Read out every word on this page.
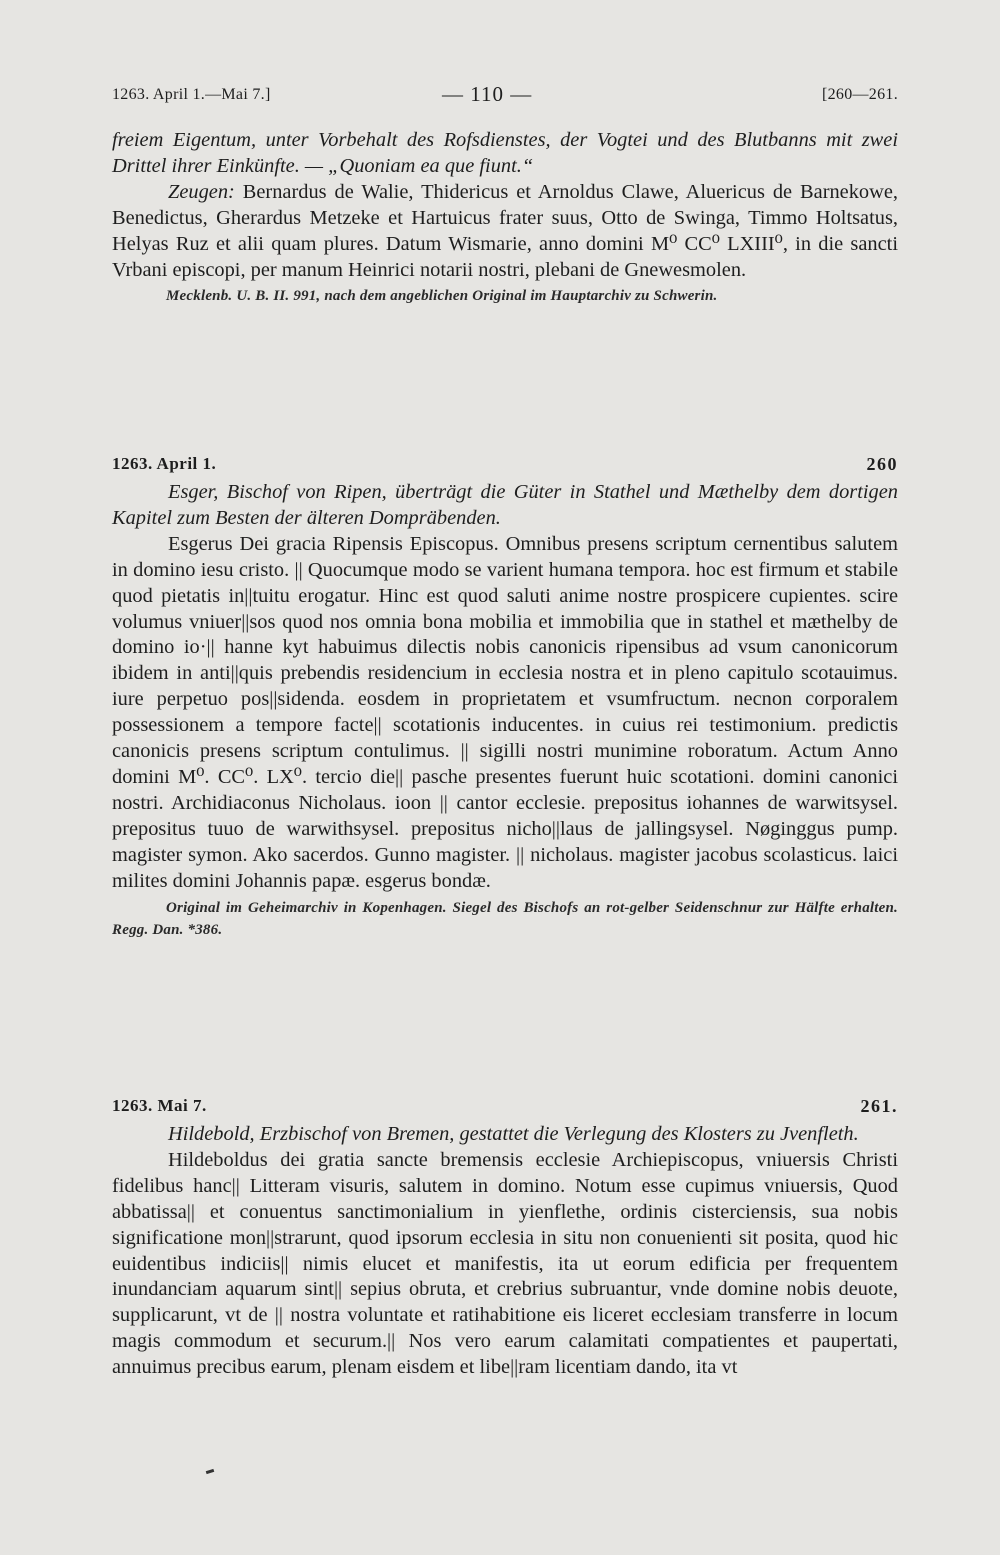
1263. April 1.—Mai 7.]	— 110 —	[260—261.

freiem Eigentum, unter Vorbehalt des Rofsdienstes, der Vogtei und des Blutbanns mit zwei Drittel ihrer Einkünfte. — „Quoniam ea que fiunt.“

Zeugen: Bernardus de Walie, Thidericus et Arnoldus Clawe, Aluericus de Barnekowe, Benedictus, Gherardus Metzeke et Hartuicus frater suus, Otto de Swinga, Timmo Holtsatus, Helyas Ruz et alii quam plures. Datum Wismarie, anno domini M⁰ CC⁰ LXIII⁰, in die sancti Vrbani episcopi, per manum Heinrici notarii nostri, plebani de Gnewesmolen.

Mecklenb. U. B. II. 991, nach dem angeblichen Original im Hauptarchiv zu Schwerin.

1263. April 1.	260

Esger, Bischof von Ripen, überträgt die Güter in Stathel und Mæthelby dem dortigen Kapitel zum Besten der älteren Dompräbenden.

Esgerus Dei gracia Ripensis Episcopus. Omnibus presens scriptum cernentibus salutem in domino iesu cristo. || Quocumque modo se varient humana tempora. hoc est firmum et stabile quod pietatis in||tuitu erogatur. Hinc est quod saluti anime nostre prospicere cupientes. scire volumus vniuer||sos quod nos omnia bona mobilia et immobilia que in stathel et mæthelby de domino io·|| hanne kyt habuimus dilectis nobis canonicis ripensibus ad vsum canonicorum ibidem in anti||quis prebendis residencium in ecclesia nostra et in pleno capitulo scotauimus. iure perpetuo pos||sidenda. eosdem in proprietatem et vsumfructum. necnon corporalem possessionem a tempore facte|| scotationis inducentes. in cuius rei testimonium. predictis canonicis presens scriptum contulimus. || sigilli nostri munimine roboratum. Actum Anno domini M⁰. CC⁰. LX⁰. tercio die|| pasche presentes fuerunt huic scotationi. domini canonici nostri. Archidiaconus Nicholaus. ioon || cantor ecclesie. prepositus iohannes de warwitsysel. prepositus tuuo de warwithsysel. prepositus nicho||laus de jallingsysel. Nøginggus pump. magister symon. Ako sacerdos. Gunno magister. || nicholaus. magister jacobus scolasticus. laici milites domini Johannis papæ. esgerus bondæ.

Original im Geheimarchiv in Kopenhagen. Siegel des Bischofs an rot-gelber Seidenschnur zur Hälfte erhalten. Regg. Dan. *386.

1263. Mai 7.	261.

Hildebold, Erzbischof von Bremen, gestattet die Verlegung des Klosters zu Jvenfleth.

Hildeboldus dei gratia sancte bremensis ecclesie Archiepiscopus, vniuersis Christi fidelibus hanc|| Litteram visuris, salutem in domino. Notum esse cupimus vniuersis, Quod abbatissa|| et conuentus sanctimonialium in yienflethe, ordinis cisterciensis, sua nobis significatione mon||strarunt, quod ipsorum ecclesia in situ non conuenienti sit posita, quod hic euidentibus indiciis|| nimis elucet et manifestis, ita ut eorum edificia per frequentem inundanciam aquarum sint|| sepius obruta, et crebrius subruantur, vnde domine nobis deuote, supplicarunt, vt de || nostra voluntate et ratihabitione eis liceret ecclesiam transferre in locum magis commodum et securum.|| Nos vero earum calamitati compatientes et paupertati, annuimus precibus earum, plenam eisdem et libe||ram licentiam dando, ita vt
